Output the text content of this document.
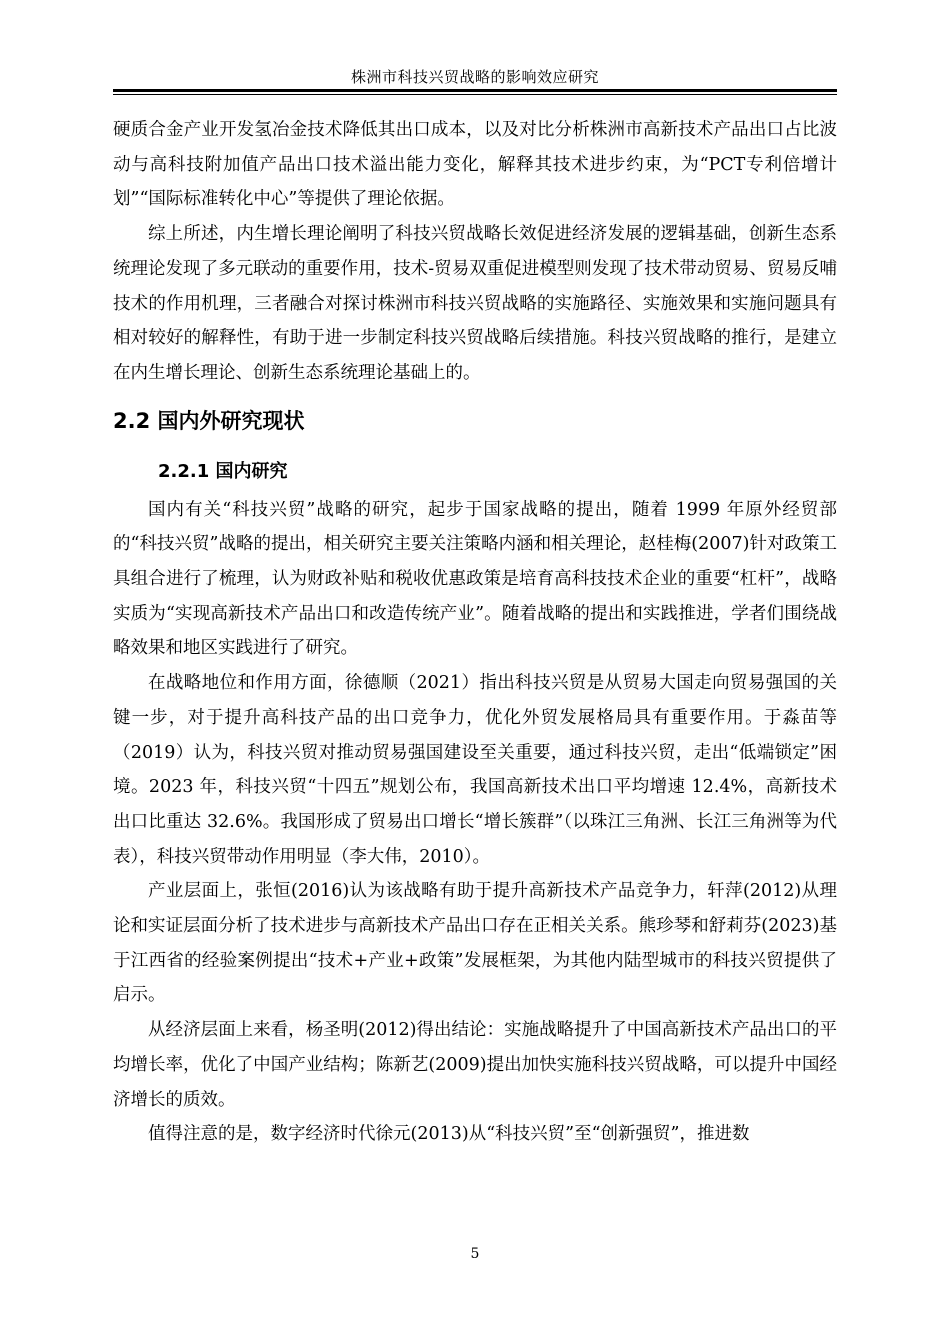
株洲市科技兴贸战略的影响效应研究

硬质合金产业开发氢冶金技术降低其出口成本，以及对比分析株洲市高新技术产品出口占比波动与高科技附加值产品出口技术溢出能力变化，解释其技术进步约束，为“PCT专利倍增计划”“国际标准转化中心”等提供了理论依据。

综上所述，内生增长理论阐明了科技兴贸战略长效促进经济发展的逻辑基础，创新生态系统理论发现了多元联动的重要作用，技术-贸易双重促进模型则发现了技术带动贸易、贸易反哺技术的作用机理，三者融合对探讨株洲市科技兴贸战略的实施路径、实施效果和实施问题具有相对较好的解释性，有助于进一步制定科技兴贸战略后续措施。科技兴贸战略的推行，是建立在内生增长理论、创新生态系统理论基础上的。

2.2 国内外研究现状
2.2.1 国内研究

国内有关“科技兴贸”战略的研究，起步于国家战略的提出，随着 1999 年原外经贸部的“科技兴贸”战略的提出，相关研究主要关注策略内涵和相关理论，赵桂梅(2007)针对政策工具组合进行了梳理，认为财政补贴和税收优惠政策是培育高科技技术企业的重要“杠杆”，战略实质为“实现高新技术产品出口和改造传统产业”。随着战略的提出和实践推进，学者们围绕战略效果和地区实践进行了研究。

在战略地位和作用方面，徐德顺（2021）指出科技兴贸是从贸易大国走向贸易强国的关键一步，对于提升高科技产品的出口竞争力，优化外贸发展格局具有重要作用。于淼苗等（2019）认为，科技兴贸对推动贸易强国建设至关重要，通过科技兴贸，走出“低端锁定”困境。2023 年，科技兴贸“十四五”规划公布，我国高新技术出口平均增速 12.4%，高新技术出口比重达 32.6%。我国形成了贸易出口增长“增长簇群”（以珠江三角洲、长江三角洲等为代表），科技兴贸带动作用明显（李大伟，2010）。

产业层面上，张恒(2016)认为该战略有助于提升高新技术产品竞争力，轩萍(2012)从理论和实证层面分析了技术进步与高新技术产品出口存在正相关关系。熊珍琴和舒莉芬(2023)基于江西省的经验案例提出“技术+产业+政策”发展框架，为其他内陆型城市的科技兴贸提供了启示。

从经济层面上来看，杨圣明(2012)得出结论：实施战略提升了中国高新技术产品出口的平均增长率，优化了中国产业结构；陈新艺(2009)提出加快实施科技兴贸战略，可以提升中国经济增长的质效。

值得注意的是，数字经济时代徐元(2013)从“科技兴贸”至“创新强贸”，推进数

5
